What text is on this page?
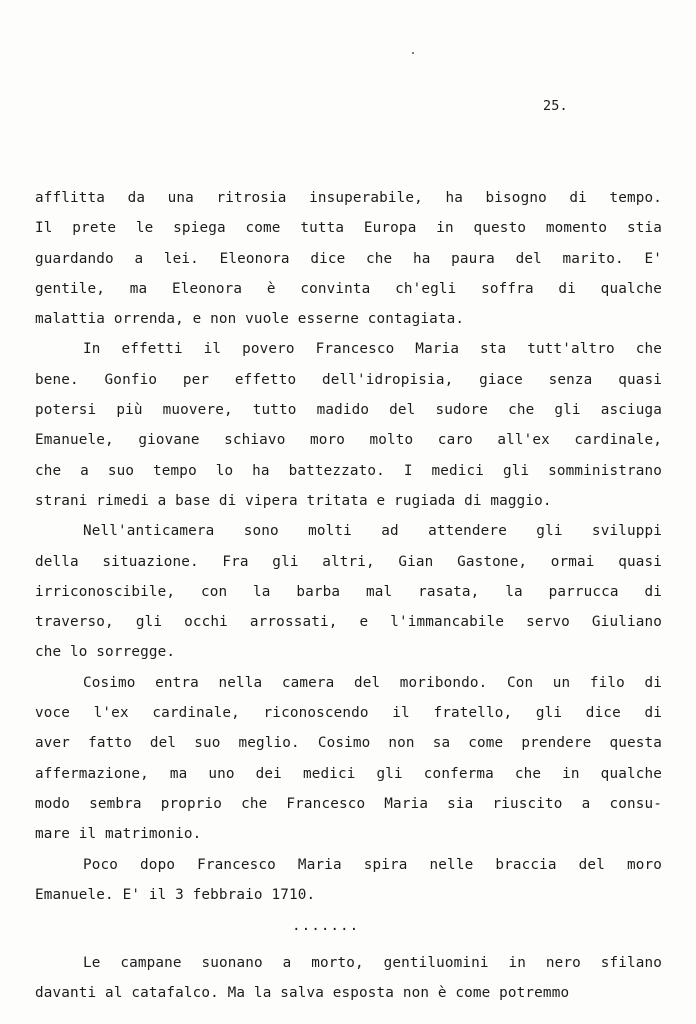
25.
afflitta da una ritrosia insuperabile, ha bisogno di tempo.
Il prete le spiega come tutta Europa in questo momento stia
guardando a lei. Eleonora dice che ha paura del marito. E'
gentile, ma Eleonora è convinta ch'egli soffra di qualche
malattia orrenda, e non vuole esserne contagiata.
In effetti il povero Francesco Maria sta tutt'altro che
bene. Gonfio per effetto dell'idropisia, giace senza quasi
potersi più muovere, tutto madido del sudore che gli asciuga
Emanuele, giovane schiavo moro molto caro all'ex cardinale,
che a suo tempo lo ha battezzato. I medici gli somministrano
strani rimedi a base di vipera tritata e rugiada di maggio.
Nell'anticamera sono molti ad attendere gli sviluppi
della situazione. Fra gli altri, Gian Gastone, ormai quasi
irriconoscibile, con la barba mal rasata, la parrucca di
traverso, gli occhi arrossati, e l'immancabile servo Giuliano
che lo sorregge.
Cosimo entra nella camera del moribondo. Con un filo di
voce l'ex cardinale, riconoscendo il fratello, gli dice di
aver fatto del suo meglio. Cosimo non sa come prendere questa
affermazione, ma uno dei medici gli conferma che in qualche
modo sembra proprio che Francesco Maria sia riuscito a consu-
mare il matrimonio.
Poco dopo Francesco Maria spira nelle braccia del moro
Emanuele. E' il 3 febbraio 1710.
.......
Le campane suonano a morto, gentiluomini in nero sfilano
davanti al catafalco. Ma la salva esposta non è come potremmo
